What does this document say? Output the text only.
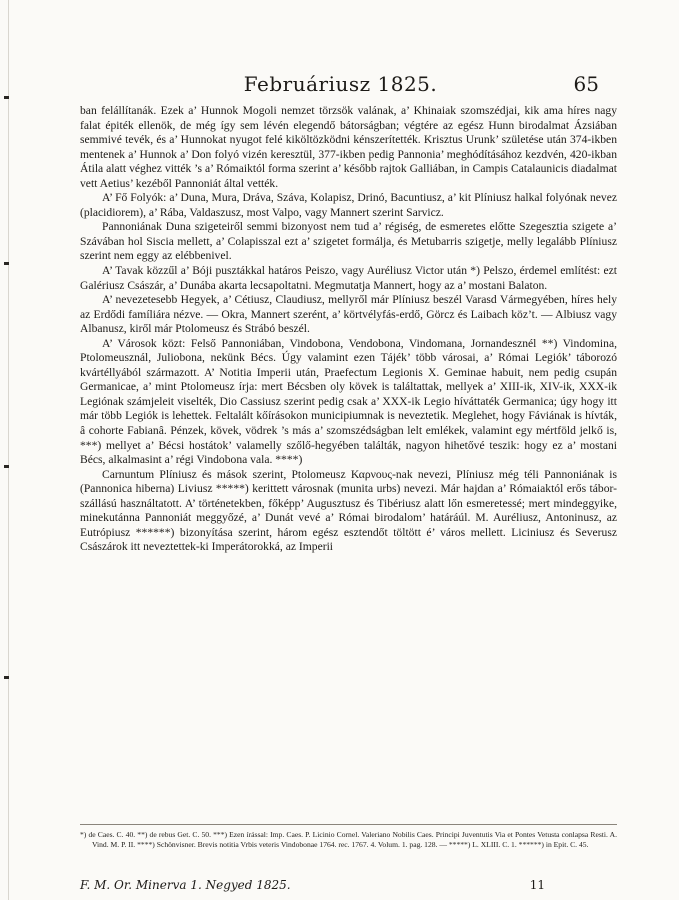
Februáriusz 1825.	65

ban felállítanák. Ezek a’ Hunnok Mogoli nemzet törzsök valának, a’ Khinaiak szomszédjai, kik ama híres nagy falat épiték ellenök, de még így sem lévén elegendő bátorságban; végtére az egész Hunn birodalmat Ázsiában semmivé tevék, és a’ Hunnokat nyugot felé kiköltözködni kénszerítették. Krisztus Urunk’ születése után 374-ikben mentenek a’ Hunnok a’ Don folyó vizén keresztül, 377-ikben pedig Pannonia’ meghódításához kezdvén, 420-ikban Átila alatt véghez vitték ’s a’ Rómaiktól forma szerint a’ később rajtok Galliában, in Campis Catalaunicis diadalmat vett Aetius’ kezéből Pannoniát által vették.

A’ Fő Folyók: a’ Duna, Mura, Dráva, Száva, Kolapisz, Drinó, Bacuntiusz, a’ kit Plíniusz halkal folyónak nevez (placidiorem), a’ Rába, Valdaszusz, most Valpo, vagy Mannert szerint Sarvicz.

Pannoniának Duna szigeteiről semmi bizonyost nem tud a’ régiség, de esmeretes előtte Szegesztia szigete a’ Szávában hol Siscia mellett, a’ Colapisszal ezt a’ szigetet formálja, és Metubarris szigetje, melly legalább Plíniusz szerint nem eggy az elébbenivel.

A’ Tavak közzűl a’ Bóji pusztákkal határos Peiszo, vagy Auréliusz Victor után *) Pelszo, érdemel említést: ezt Galériusz Császár, a’ Dunába akarta lecsapoltatni. Megmutatja Mannert, hogy az a’ mostani Balaton.

A’ nevezetesebb Hegyek, a’ Cétiusz, Claudiusz, mellyről már Plíniusz beszél Varasd Vármegyében, híres hely az Erdődi famíliára nézve. — Okra, Mannert szerént, a’ körtvélyfás-erdő, Görcz és Laibach köz’t. — Albiusz vagy Albanusz, kiről már Ptolomeusz és Strábó beszél.

A’ Városok közt: Felső Pannoniában, Vindobona, Vendobona, Vindomana, Jornandesznél **) Vindomina, Ptolomeusznál, Juliobona, nekünk Bécs. Úgy valamint ezen Tájék’ több városai, a’ Római Legiók’ táborozó kvártéllyából származott. A’ Notitia Imperii után, Praefectum Legionis X. Geminae habuit, nem pedig csupán Germanicae, a’ mint Ptolomeusz írja: mert Bécsben oly kövek is találtattak, mellyek a’ XIII-ik, XIV-ik, XXX-ik Legiónak számjeleit viselték, Dio Cassiusz szerint pedig csak a’ XXX-ik Legio híváttaték Germanica; úgy hogy itt már több Legiók is lehettek. Feltalált kőírásokon municipiumnak is neveztetik. Meglehet, hogy Fáviának is hívták, â cohorte Fabianâ. Pénzek, kövek, vödrek ’s más a’ szomszédságban lelt emlékek, valamint egy mértföld jelkő is, ***) mellyet a’ Bécsi hostátok’ valamelly szőlő-hegyében találták, nagyon hihetővé teszik: hogy ez a’ mostani Bécs, alkalmasint a’ régi Vindobona vala. ****)

Carnuntum Plíniusz és mások szerint, Ptolomeusz Καρνους-nak nevezi, Plíniusz még téli Pannoniának is (Pannonica hiberna) Liviusz *****) kerittett városnak (munita urbs) nevezi. Már hajdan a’ Rómaiaktól erős tábor-szállású használtatott. A’ történetekben, főképp’ Augusztusz és Tibériusz alatt lőn esmeretessé; mert mindeggyike, minekutánna Pannoniát meggyőzé, a’ Dunát vevé a’ Római birodalom’ határáúl. M. Auréliusz, Antoninusz, az Eutrópiusz ******) bizonyítása szerint, három egész esztendőt töltött é’ város mellett. Liciniusz és Severusz Császárok itt neveztettek-ki Imperátorokká, az Imperii

*) de Caes. C. 40. **) de rebus Get. C. 50. ***) Ezen írással: Imp. Caes. P. Licinio Cornel. Valeriano Nobilis Caes. Principi Juventutis Via et Pontes Vetusta conlapsa Resti. A. Vind. M. P. II. ****) Schönvisner. Brevis notitia Vrbis veteris Vindobonae 1764. rec. 1767. 4. Volum. 1. pag. 128. — *****) L. XLIII. C. 1. ******) in Epit. C. 45.

F. M. Or. Minerva 1. Negyed 1825.	11
